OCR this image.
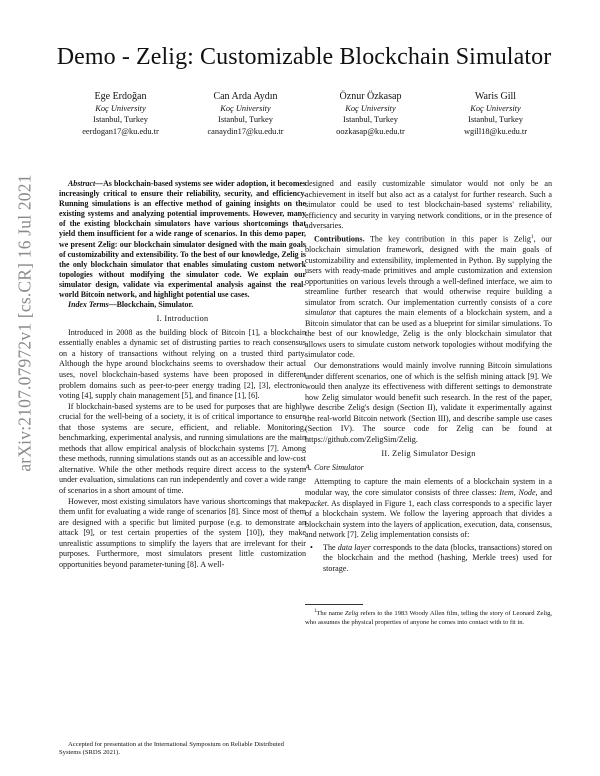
arXiv:2107.07972v1 [cs.CR] 16 Jul 2021
Demo - Zelig: Customizable Blockchain Simulator
Ege Erdoğan
Koç University
Istanbul, Turkey
eerdogan17@ku.edu.tr
Can Arda Aydın
Koç University
Istanbul, Turkey
canaydin17@ku.edu.tr
Öznur Özkasap
Koç University
Istanbul, Turkey
oozkasap@ku.edu.tr
Waris Gill
Koç University
Istanbul, Turkey
wgill18@ku.edu.tr

Abstract—As blockchain-based systems see wider adoption, it becomes increasingly critical to ensure their reliability, security, and efficiency. Running simulations is an effective method of gaining insights on the existing systems and analyzing potential improvements. However, many of the existing blockchain simulators have various shortcomings that yield them insufficient for a wide range of scenarios. In this demo paper, we present Zelig: our blockchain simulator designed with the main goals of customizability and extensibility. To the best of our knowledge, Zelig is the only blockchain simulator that enables simulating custom network topologies without modifying the simulator code. We explain our simulator design, validate via experimental analysis against the real-world Bitcoin network, and highlight potential use cases.

Index Terms—Blockchain, Simulator.

I. Introduction

Introduced in 2008 as the building block of Bitcoin [1], a blockchain essentially enables a dynamic set of distrusting parties to reach consensus on a history of transactions without relying on a trusted third party. Although the hype around blockchains seems to overshadow their actual uses, novel blockchain-based systems have been proposed in different problem domains such as peer-to-peer energy trading [2], [3], electronic voting [4], supply chain management [5], and finance [1], [6].

If blockchain-based systems are to be used for purposes that are highly crucial for the well-being of a society, it is of critical importance to ensure that those systems are secure, efficient, and reliable. Monitoring, benchmarking, experimental analysis, and running simulations are the main methods that allow empirical analysis of blockchain systems [7]. Among these methods, running simulations stands out as an accessible and low-cost alternative. While the other methods require direct access to the system under evaluation, simulations can run independently and cover a wide range of scenarios in a short amount of time.

However, most existing simulators have various shortcomings that make them unfit for evaluating a wide range of scenarios [8]. Since most of them are designed with a specific but limited purpose (e.g. to demonstrate an attack [9], or test certain properties of the system [10]), they make unrealistic assumptions to simplify the layers that are irrelevant for their purposes. Furthermore, most simulators present little customization opportunities beyond parameter-tuning [8]. A well-

Accepted for presentation at the International Symposium on Reliable Distributed Systems (SRDS 2021).

designed and easily customizable simulator would not only be an achievement in itself but also act as a catalyst for further research. Such a simulator could be used to test blockchain-based systems' reliability, efficiency and security in varying network conditions, or in the presence of adversaries.

Contributions. The key contribution in this paper is Zelig$^1$, our blockchain simulation framework, designed with the main goals of customizability and extensibility, implemented in Python. By supplying the users with ready-made primitives and ample customization and extension opportunities on various levels through a well-defined interface, we aim to streamline further research that would otherwise require building a simulator from scratch. Our implementation currently consists of a core simulator that captures the main elements of a blockchain system, and a Bitcoin simulator that can be used as a blueprint for similar simulations. To the best of our knowledge, Zelig is the only blockchain simulator that allows users to simulate custom network topologies without modifying the simulator code.

Our demonstrations would mainly involve running Bitcoin simulations under different scenarios, one of which is the selfish mining attack [9]. We would then analyze its effectiveness with different settings to demonstrate how Zelig simulator would benefit such research. In the rest of the paper, we describe Zelig's design (Section II), validate it experimentally against the real-world Bitcoin network (Section III), and describe sample use cases (Section IV). The source code for Zelig can be found at https://github.com/ZeligSim/Zelig.

II. Zelig Simulator Design
A. Core Simulator

Attempting to capture the main elements of a blockchain system in a modular way, the core simulator consists of three classes: Item, Node, and Packet. As displayed in Figure 1, each class corresponds to a specific layer of a blockchain system. We follow the layering approach that divides a blockchain system into the layers of application, execution, data, consensus, and network [7]. Zelig implementation consists of:

• The data layer corresponds to the data (blocks, transactions) stored on the blockchain and the method (hashing, Merkle trees) used for storage.

$^1$The name Zelig refers to the 1983 Woody Allen film, telling the story of Leonard Zelig, who assumes the physical properties of anyone he comes into contact with to fit in.
